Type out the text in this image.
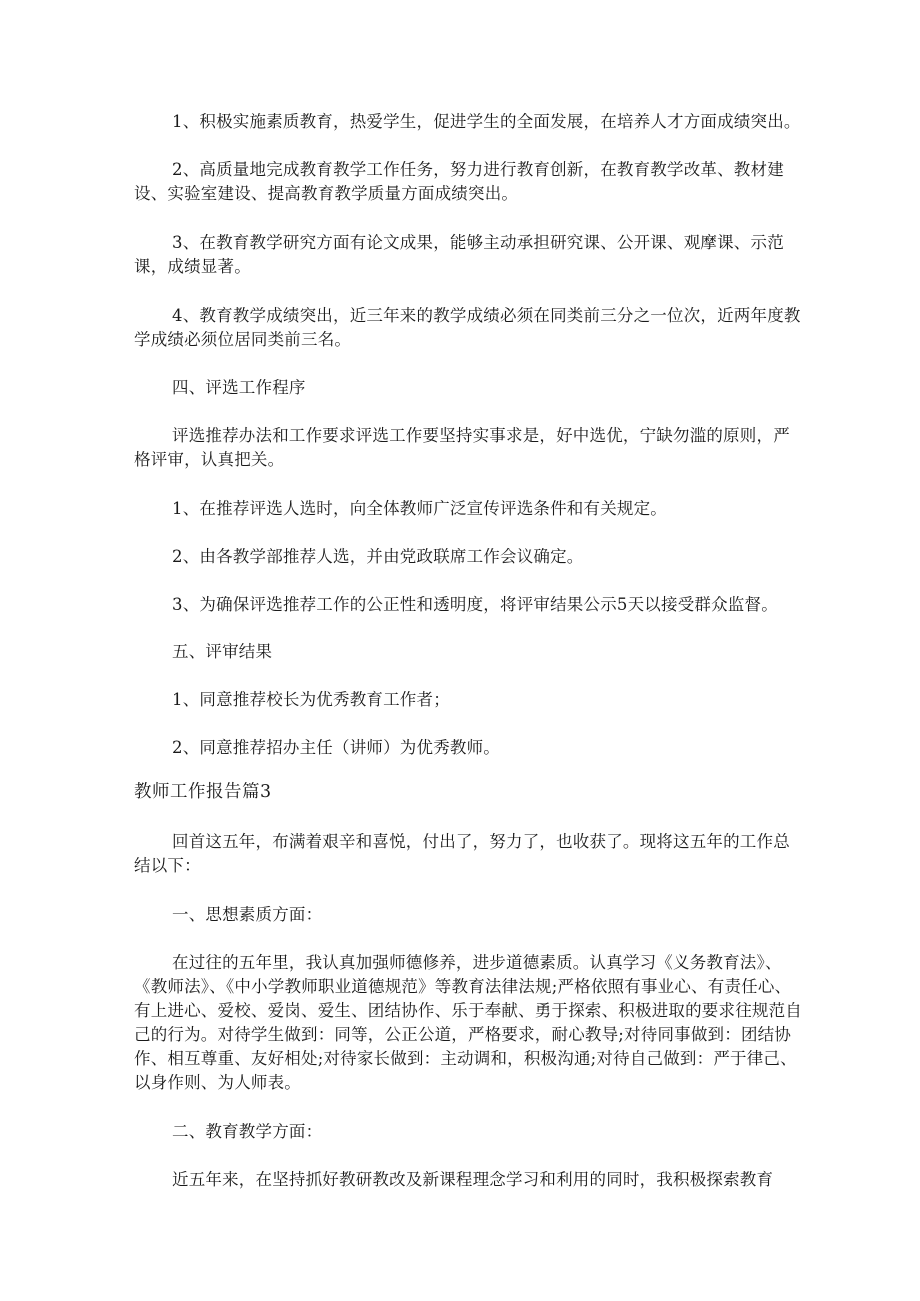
1、积极实施素质教育，热爱学生，促进学生的全面发展，在培养人才方面成绩突出。

2、高质量地完成教育教学工作任务，努力进行教育创新，在教育教学改革、教材建设、实验室建设、提高教育教学质量方面成绩突出。

3、在教育教学研究方面有论文成果，能够主动承担研究课、公开课、观摩课、示范课，成绩显著。

4、教育教学成绩突出，近三年来的教学成绩必须在同类前三分之一位次，近两年度教学成绩必须位居同类前三名。

四、评选工作程序

评选推荐办法和工作要求评选工作要坚持实事求是，好中选优，宁缺勿滥的原则，严格评审，认真把关。

1、在推荐评选人选时，向全体教师广泛宣传评选条件和有关规定。

2、由各教学部推荐人选，并由党政联席工作会议确定。

3、为确保评选推荐工作的公正性和透明度，将评审结果公示5天以接受群众监督。

五、评审结果

1、同意推荐校长为优秀教育工作者；

2、同意推荐招办主任（讲师）为优秀教师。

教师工作报告篇3

回首这五年，布满着艰辛和喜悦，付出了，努力了，也收获了。现将这五年的工作总结以下：

一、思想素质方面：

在过往的五年里，我认真加强师德修养，进步道德素质。认真学习《义务教育法》、《教师法》、《中小学教师职业道德规范》等教育法律法规;严格依照有事业心、有责任心、有上进心、爱校、爱岗、爱生、团结协作、乐于奉献、勇于探索、积极进取的要求往规范自己的行为。对待学生做到：同等，公正公道，严格要求，耐心教导;对待同事做到：团结协作、相互尊重、友好相处;对待家长做到：主动调和，积极沟通;对待自己做到：严于律己、以身作则、为人师表。

二、教育教学方面：

近五年来，在坚持抓好教研教改及新课程理念学习和利用的同时，我积极探索教育
